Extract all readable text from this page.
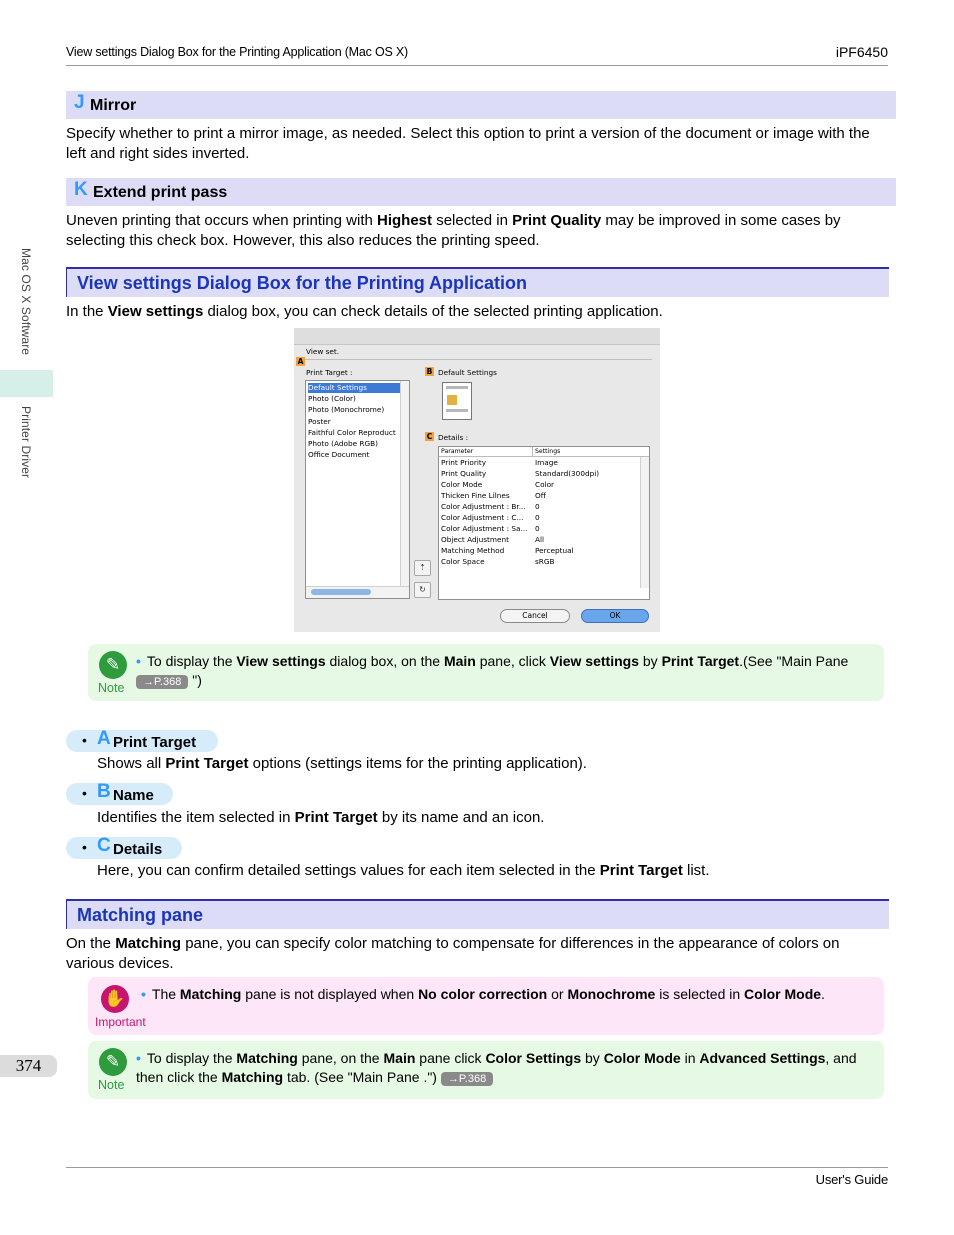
View settings Dialog Box for the Printing Application (Mac OS X)	iPF6450
Mac OS X Software
Printer Driver
J Mirror
Specify whether to print a mirror image, as needed. Select this option to print a version of the document or image with the left and right sides inverted.
K Extend print pass
Uneven printing that occurs when printing with Highest selected in Print Quality may be improved in some cases by selecting this check box. However, this also reduces the printing speed.
View settings Dialog Box for the Printing Application
In the View settings dialog box, you can check details of the selected printing application.
View set.
A
Print Target :
Default Settings
Photo (Color)
Photo (Monochrome)
Poster
Faithful Color Reproduct
Photo (Adobe RGB)
Office Document
⇡
↻
B Default Settings
C Details :
Parameter	Settings
Print Priority	Image
Print Quality	Standard(300dpi)
Color Mode	Color
Thicken Fine Lilnes	Off
Color Adjustment : Br...	0
Color Adjustment : C...	0
Color Adjustment : Sa...	0
Object Adjustment	All
Matching Method	Perceptual
Color Space	sRGB
Cancel	OK
✎
Note
• To display the View settings dialog box, on the Main pane, click View settings by Print Target.(See "Main Pane →P.368 ")
• A Print Target
Shows all Print Target options (settings items for the printing application).
• B Name
Identifies the item selected in Print Target by its name and an icon.
• C Details
Here, you can confirm detailed settings values for each item selected in the Print Target list.
Matching pane
On the Matching pane, you can specify color matching to compensate for differences in the appearance of colors on various devices.
✋
Important
• The Matching pane is not displayed when No color correction or Monochrome is selected in Color Mode.
✎
Note
• To display the Matching pane, on the Main pane click Color Settings by Color Mode in Advanced Settings, and then click the Matching tab. (See "Main Pane .") →P.368
374
User's Guide
